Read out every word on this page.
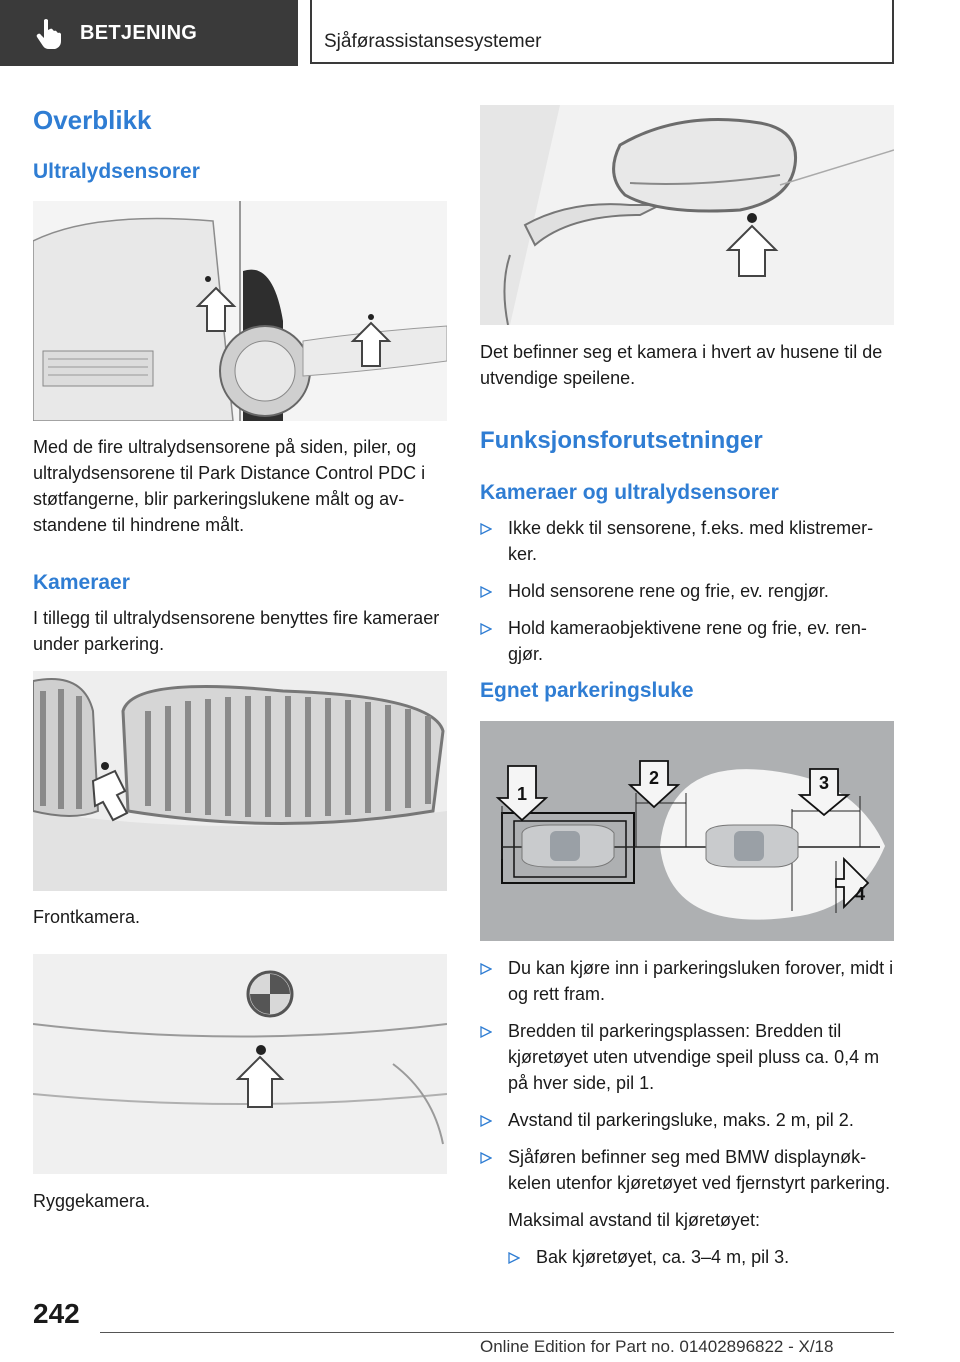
BETJENING	Sjåførassistansesystemer
Overblikk
Ultralydsensorer

Med de fire ultralydsensorene på siden, piler, og ultralydsensorene til Park Distance Control PDC i støtfangerne, blir parkeringslukene målt og avstandene til hindrene målt.

Kameraer

I tillegg til ultralydsensorene benyttes fire kameraer under parkering.

Frontkamera.

Ryggekamera.

Det befinner seg et kamera i hvert av husene til de utvendige speilene.

Funksjonsforutsetninger
Kameraer og ultralydsensorer
Ikke dekk til sensorene, f.eks. med klistremerker.
Hold sensorene rene og frie, ev. rengjør.
Hold kameraobjektivene rene og frie, ev. rengjør.
Egnet parkeringsluke
1
2	3
4
Du kan kjøre inn i parkeringsluken forover, midt i og rett fram.
Bredden til parkeringsplassen: Bredden til kjøretøyet uten utvendige speil pluss ca. 0,4 m på hver side, pil 1.
Avstand til parkeringsluke, maks. 2 m, pil 2.
Sjåføren befinner seg med BMW displaynøkkelen utenfor kjøretøyet ved fjernstyrt parkering.
Maksimal avstand til kjøretøyet:
Bak kjøretøyet, ca. 3–4 m, pil 3.
242
Online Edition for Part no. 01402896822 - X/18
